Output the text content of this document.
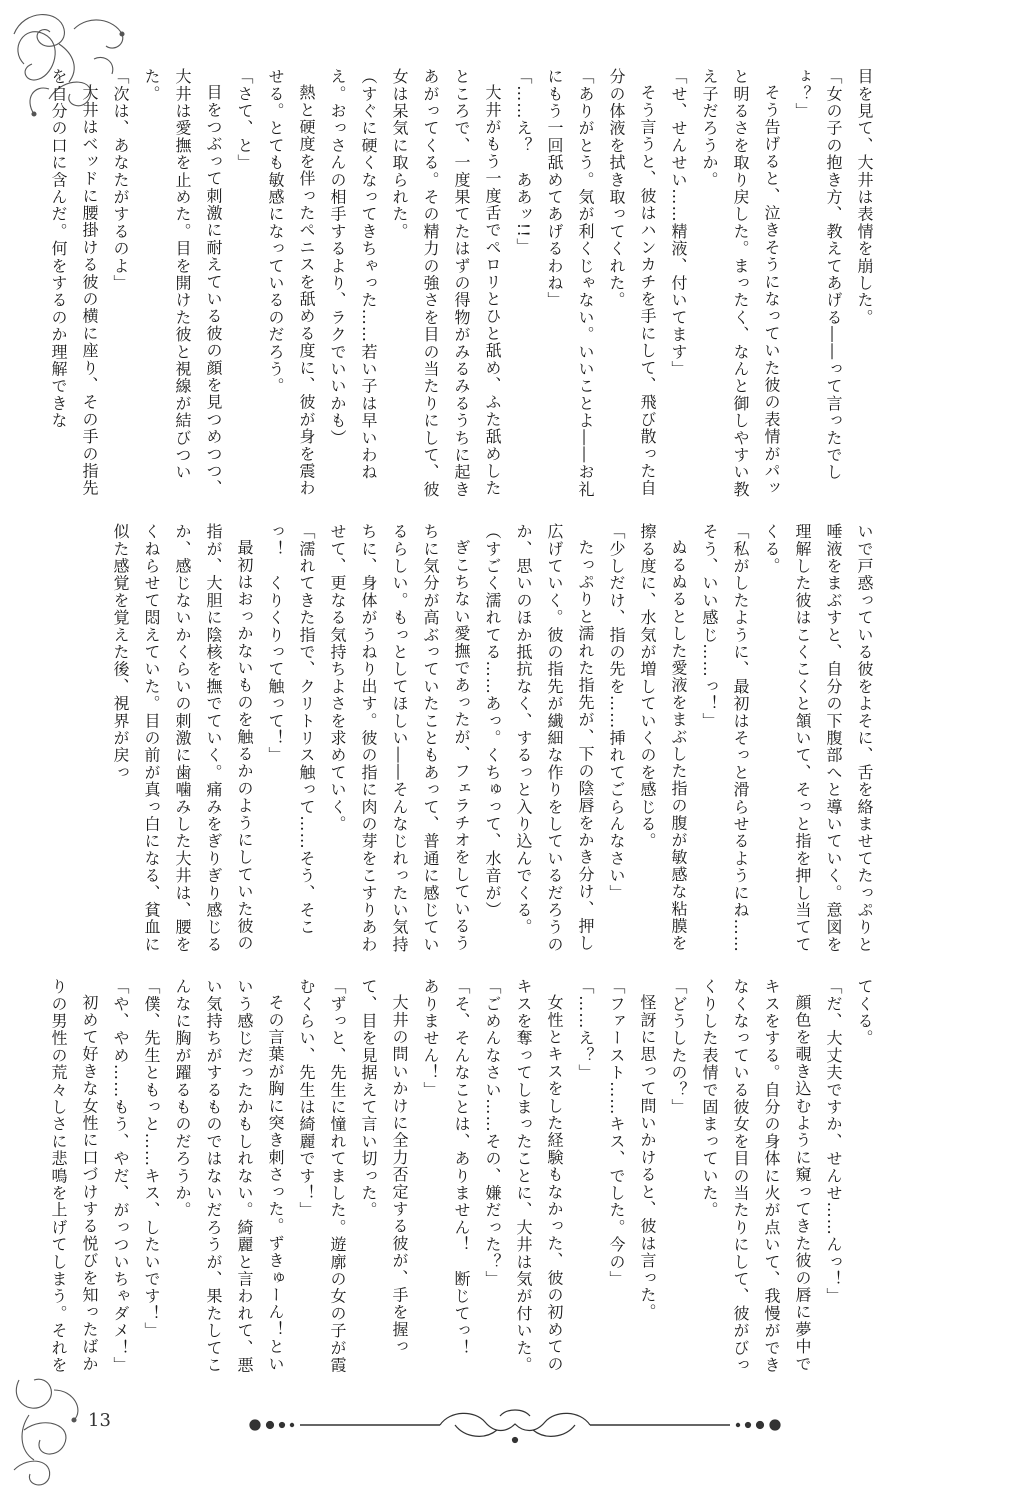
13

目を見て、大井は表情を崩した。

「女の子の抱き方、教えてあげる――って言ったでしょ？」

そう告げると、泣きそうになっていた彼の表情がパッと明るさを取り戻した。まったく、なんと御しやすい教え子だろうか。

「せ、せんせい……精液、付いてます」

そう言うと、彼はハンカチを手にして、飛び散った自分の体液を拭き取ってくれた。

「ありがとう。気が利くじゃない。いいことよ――お礼にもう一回舐めてあげるわね」

「……え？　ああッ!!」

大井がもう一度舌でペロリとひと舐め、ふた舐めしたところで、一度果てたはずの得物がみるみるうちに起きあがってくる。その精力の強さを目の当たりにして、彼女は呆気に取られた。

（すぐに硬くなってきちゃった……若い子は早いわねえ。おっさんの相手するより、ラクでいいかも）

熱と硬度を伴ったペニスを舐める度に、彼が身を震わせる。とても敏感になっているのだろう。

「さて、と」

目をつぶって刺激に耐えている彼の顔を見つめつつ、大井は愛撫を止めた。目を開けた彼と視線が結びついた。

「次は、あなたがするのよ」

大井はベッドに腰掛ける彼の横に座り、その手の指先を自分の口に含んだ。何をするのか理解できな

いで戸惑っている彼をよそに、舌を絡ませてたっぷりと唾液をまぶすと、自分の下腹部へと導いていく。意図を理解した彼はこくこくと頷いて、そっと指を押し当ててくる。

「私がしたように、最初はそっと滑らせるようにね……そう、いい感じ……っ！」

ぬるぬるとした愛液をまぶした指の腹が敏感な粘膜を擦る度に、水気が増していくのを感じる。

「少しだけ、指の先を……挿れてごらんなさい」

たっぷりと濡れた指先が、下の陰唇をかき分け、押し広げていく。彼の指先が繊細な作りをしているだろうのか、思いのほか抵抗なく、するっと入り込んでくる。

（すごく濡れてる……あっ。くちゅって、水音が）

ぎこちない愛撫であったが、フェラチオをしているうちに気分が高ぶっていたこともあって、普通に感じているらしい。もっとしてほしい――そんなじれったい気持ちに、身体がうねり出す。彼の指に肉の芽をこすりあわせて、更なる気持ちよさを求めていく。

「濡れてきた指で、クリトリス触って……そう、そこっ！　くりくりって触って！」

最初はおっかないものを触るかのようにしていた彼の指が、大胆に陰核を撫でていく。痛みをぎりぎり感じるか、感じないかくらいの刺激に歯噛みした大井は、腰をくねらせて悶えていた。目の前が真っ白になる、貧血に似た感覚を覚えた後、視界が戻っ

てくる。

「だ、大丈夫ですか、せんせ……んっ！」

顔色を覗き込むように窺ってきた彼の唇に夢中でキスをする。自分の身体に火が点いて、我慢ができなくなっている彼女を目の当たりにして、彼がびっくりした表情で固まっていた。

「どうしたの？」

怪訝に思って問いかけると、彼は言った。

「ファースト……キス、でした。今の」

「……え？」

女性とキスをした経験もなかった、彼の初めてのキスを奪ってしまったことに、大井は気が付いた。

「ごめんなさい……その、嫌だった？」

「そ、そんなことは、ありません！　断じてっ！　ありません！」

大井の問いかけに全力否定する彼が、手を握って、目を見据えて言い切った。

「ずっと、先生に憧れてました。遊廓の女の子が霞むくらい、先生は綺麗です！」

その言葉が胸に突き刺さった。ずきゅーん！といいう感じだったかもしれない。綺麗と言われて、悪い気持ちがするものではないだろうが、果たしてこんなに胸が躍るものだろうか。

「僕、先生ともっと……キス、したいです！」

「や、やめ……もう、やだ、がっついちゃダメ！」

初めて好きな女性に口づけする悦びを知ったばかりの男性の荒々しさに悲鳴を上げてしまう。それを
